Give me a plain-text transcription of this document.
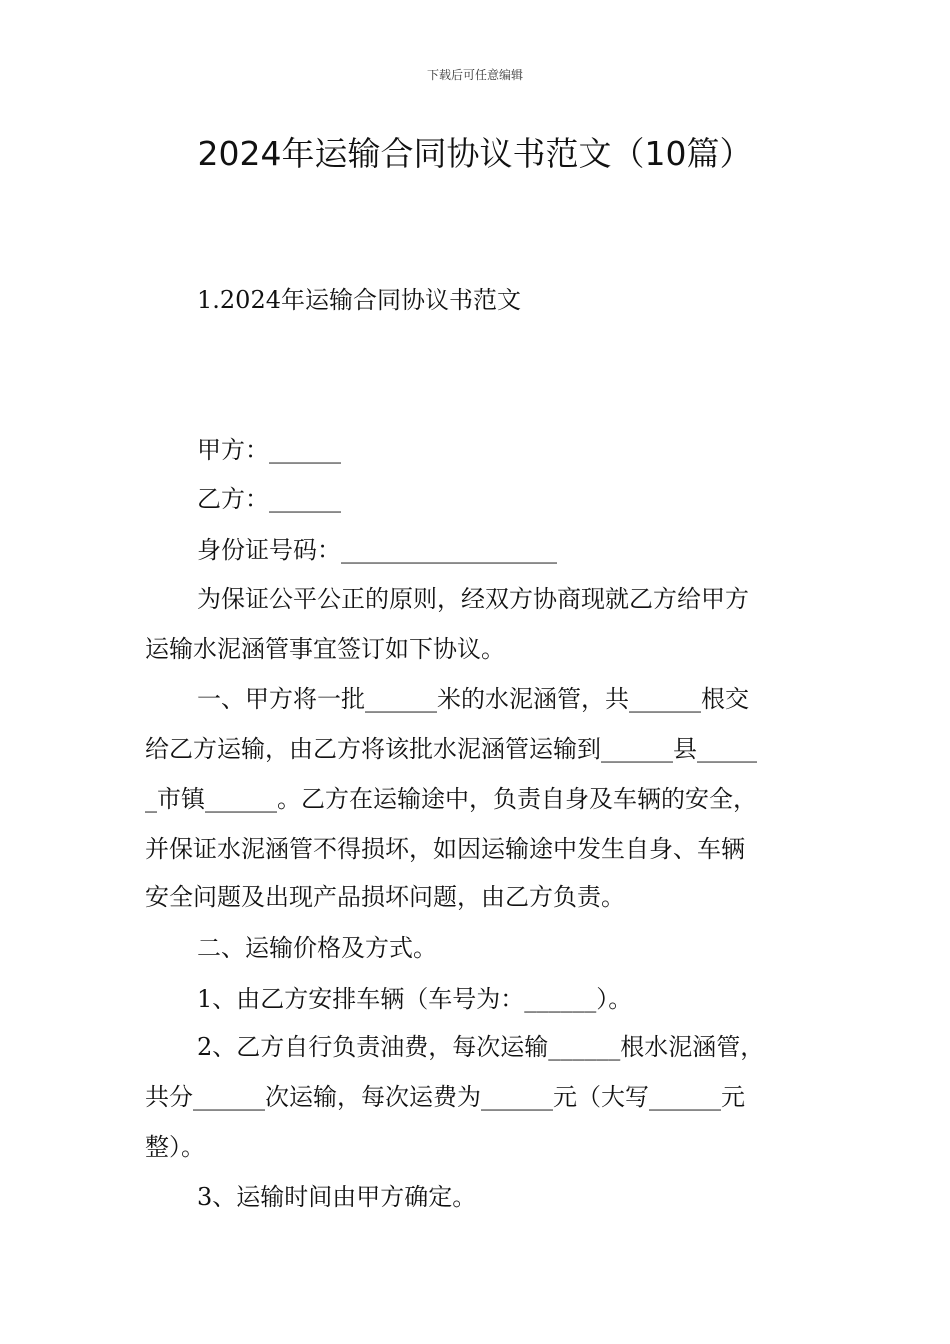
下载后可任意编辑
2024年运输合同协议书范文（10篇）
1.2024年运输合同协议书范文
甲方：______
乙方：______
身份证号码：__________________
为保证公平公正的原则，经双方协商现就乙方给甲方
运输水泥涵管事宜签订如下协议。
一、甲方将一批______米的水泥涵管，共______根交
给乙方运输，由乙方将该批水泥涵管运输到______县_____
_市镇______。乙方在运输途中，负责自身及车辆的安全，
并保证水泥涵管不得损坏，如因运输途中发生自身、车辆
安全问题及出现产品损坏问题，由乙方负责。
二、运输价格及方式。
1、由乙方安排车辆（车号为：______）。
2、乙方自行负责油费，每次运输______根水泥涵管，
共分______次运输，每次运费为______元（大写______元
整）。
3、运输时间由甲方确定。
